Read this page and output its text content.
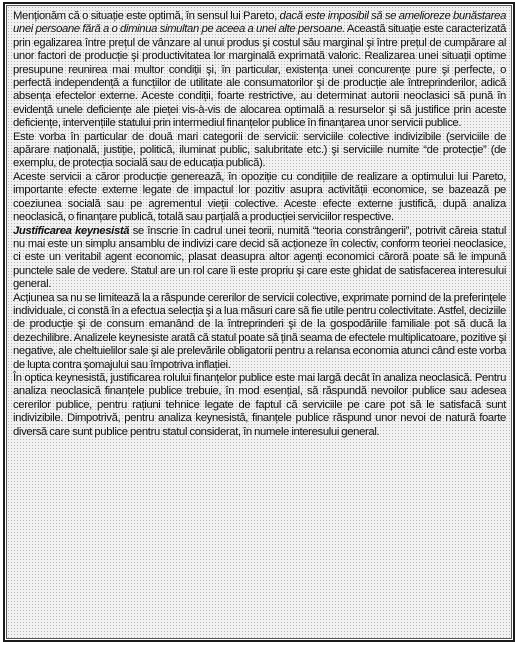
Menționăm că o situație este optimă, în sensul lui Pareto, dacă este imposibil să se amelioreze bunăstarea unei persoane fără a o diminua simultan pe aceea a unei alte persoane. Această situație este caracterizată prin egalizarea între prețul de vânzare al unui produs şi costul său marginal şi între prețul de cumpărare al unor factori de producție şi productivitatea lor marginală exprimată valoric. Realizarea unei situații optime presupune reunirea mai multor condiții şi, în particular, existența unei concurențe pure şi perfecte, o perfectă independență a funcțiilor de utilitate ale consumatorilor şi de producție ale întreprinderilor, adică absența efectelor externe. Aceste condiții, foarte restrictive, au determinat autorii neoclasici să pună în evidență unele deficiențe ale pieței vis-à-vis de alocarea optimală a resurselor şi să justifice prin aceste deficiențe, intervențiile statului prin intermediul finanțelor publice în finanțarea unor servicii publice.

Este vorba în particular de două mari categorii de servicii: serviciile colective indivizibile (serviciile de apărare națională, justiție, politică, iluminat public, salubritate etc.) şi serviciile numite “de protecție” (de exemplu, de protecția socială sau de educația publică).

Aceste servicii a căror producție generează, în opoziție cu condițiile de realizare a optimului lui Pareto, importante efecte externe legate de impactul lor pozitiv asupra activității economice, se bazează pe coeziunea socială sau pe agrementul vieții colective. Aceste efecte externe justifică, după analiza neoclasică, o finanțare publică, totală sau parțială a producției serviciilor respective.

Justificarea keynesistă se înscrie în cadrul unei teorii, numită “teoria constrângerii”, potrivit căreia statul nu mai este un simplu ansamblu de indivizi care decid să acționeze în colectiv, conform teoriei neoclasice, ci este un veritabil agent economic, plasat deasupra altor agenți economici căroră poate să le impună punctele sale de vedere. Statul are un rol care îi este propriu şi care este ghidat de satisfacerea interesului general.

Acțiunea sa nu se limitează la a răspunde cererilor de servicii colective, exprimate pornind de la preferințele individuale, ci constă în a efectua selecția şi a lua măsuri care să fie utile pentru colectivitate. Astfel, deciziile de producție şi de consum emanând de la întreprinderi şi de la gospodăriile familiale pot să ducă la dezechilibre. Analizele keynesiste arată că statul poate să țină seama de efectele multiplicatoare, pozitive şi negative, ale cheltuielilor sale şi ale prelevările obligatorii pentru a relansa economia atunci când este vorba de lupta contra şomajului sau împotriva inflației.

În optica keynesistă, justificarea rolului finanțelor publice este mai largă decât în analiza neoclasică. Pentru analiza neoclasică finanțele publice trebuie, în mod esențial, să răspundă nevoilor publice sau adesea cererilor publice, pentru rațiuni tehnice legate de faptul că serviciile pe care pot să le satisfacă sunt indivizibile. Dimpotrivă, pentru analiza keynesistă, finanțele publice răspund unor nevoi de natură foarte diversă care sunt publice pentru statul considerat, în numele interesului general.
